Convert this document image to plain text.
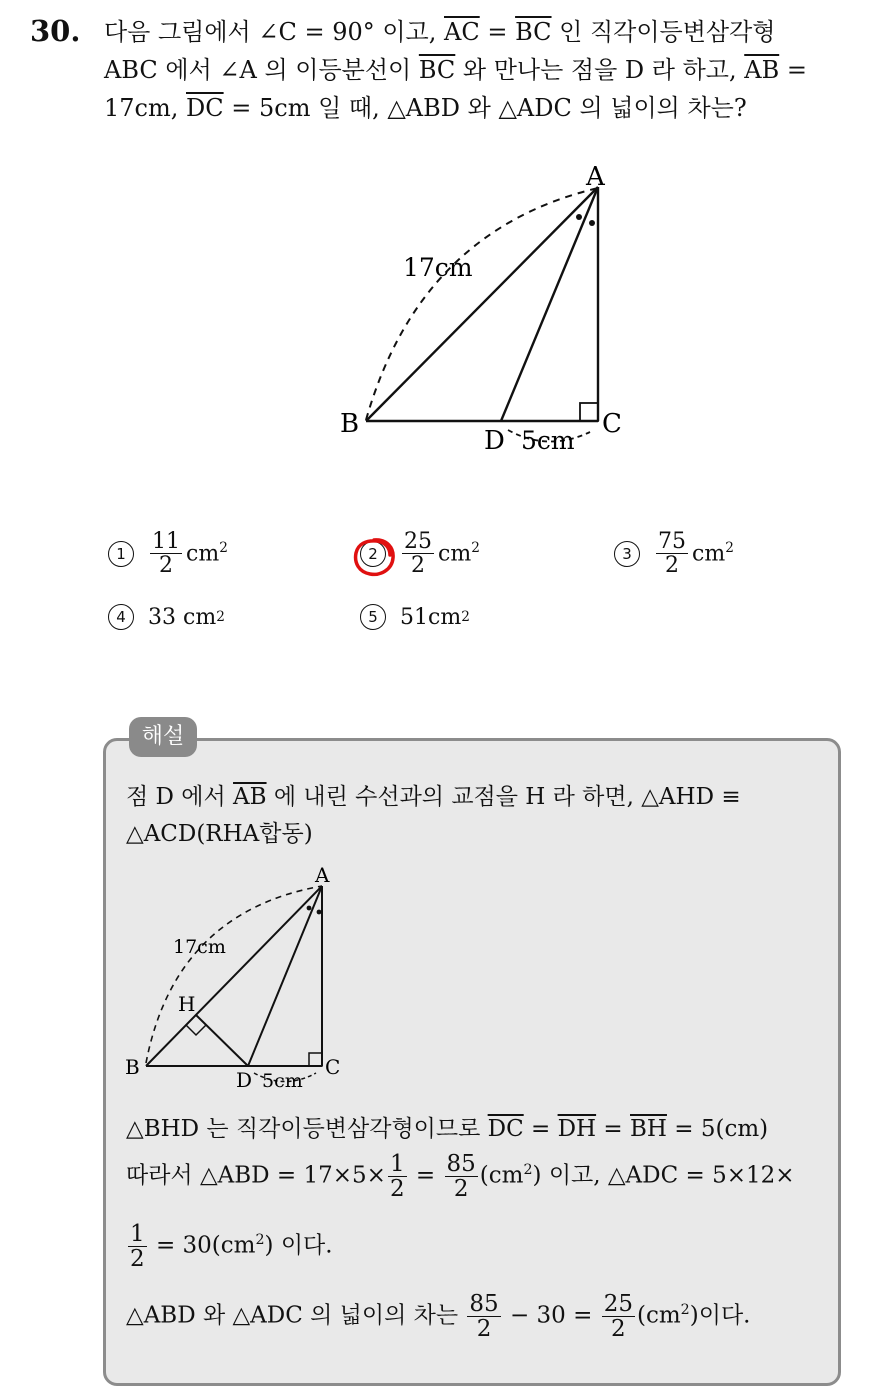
30. 다음 그림에서 ∠C = 90° 이고, $\overline{AC} = \overline{BC}$ 인 직각이등변삼각형
ABC 에서 ∠A 의 이등분선이 $\overline{BC}$ 와 만나는 점을 D 라 하고, $\overline{AB}$ =
17cm, $\overline{DC} = 5cm$ 일 때, △ABD 와 △ADC 의 넓이의 차는?
A
B	C
D
17cm
5cm
1	$\frac{11}{2} cm^2$	2	$\frac{25}{2} cm^2$	3	$\frac{75}{2} cm^2$
4	33
cm 2	5	51 cm 2
해설
점 D 에서 $\overline{AB}$ 에 내린 수선과의 교점을 H 라 하면, △AHD ≡
△ACD(RHA합동)
A
B	C
D
H
17cm
5cm
△BHD 는 직각이등변삼각형이므로 $\overline{DC} = \overline{DH} = \overline{BH} = 5(cm)$
따라서 △ABD = $17\times 5\times \frac{1}{2} = \frac{85}{2} (cm^2)$ 이고, △ADC = 5×12×
$\frac{1}{2} = 30(cm^2)$ 이다.
△ABD 와 △ADC 의 넓이의 차는 $\frac{85}{2} - 30 = \frac{25}{2} (cm^2)$이다.
